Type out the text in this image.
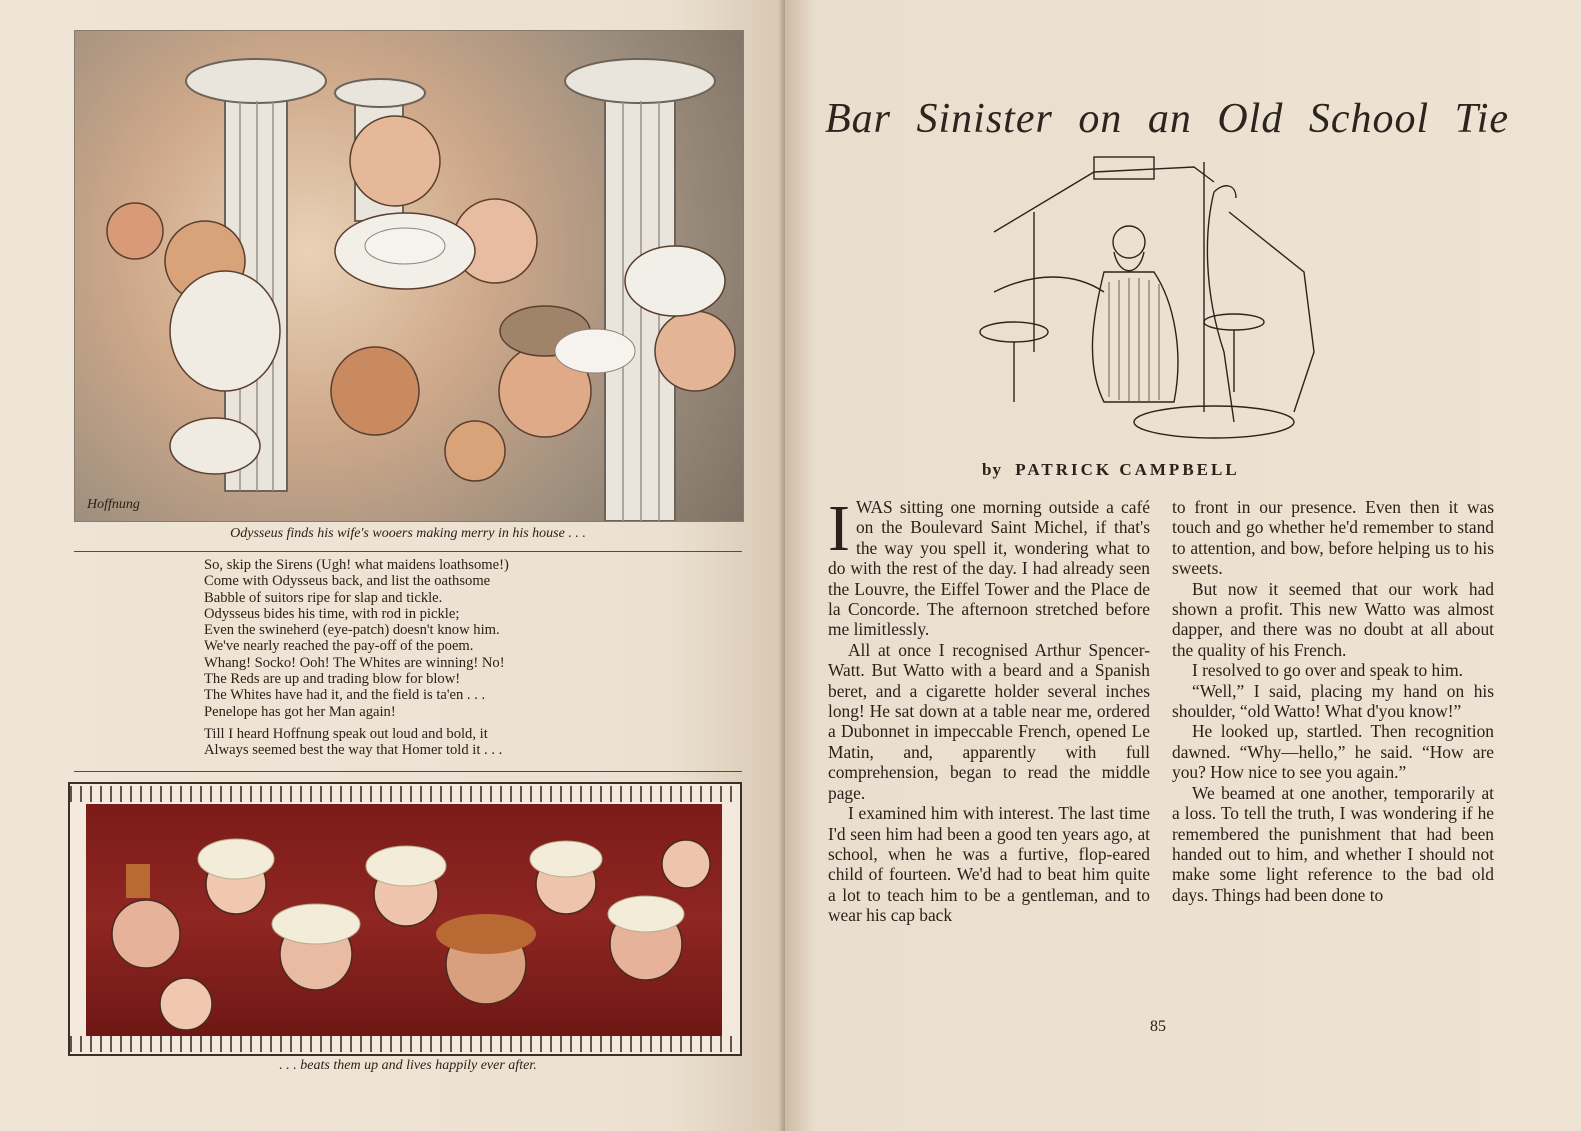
Hoffnung
Odysseus finds his wife's wooers making merry in his house . . .
So, skip the Sirens (Ugh! what maidens loathsome!)
Come with Odysseus back, and list the oathsome
Babble of suitors ripe for slap and tickle.
Odysseus bides his time, with rod in pickle;
Even the swineherd (eye-patch) doesn't know him.
We've nearly reached the pay-off of the poem.
Whang! Socko! Ooh! The Whites are winning! No!
The Reds are up and trading blow for blow!
The Whites have had it, and the field is ta'en . . .
Penelope has got her Man again!
Till I heard Hoffnung speak out loud and bold, it
Always seemed best the way that Homer told it . . .
. . . beats them up and lives happily ever after.
Bar Sinister on an Old School Tie
by PATRICK CAMPBELL

IWAS sitting one morning outside a café on the Boulevard Saint Michel, if that's the way you spell it, wondering what to do with the rest of the day. I had already seen the Louvre, the Eiffel Tower and the Place de la Concorde. The afternoon stretched before me limitlessly.

All at once I recognised Arthur Spencer-Watt. But Watto with a beard and a Spanish beret, and a cigarette holder several inches long! He sat down at a table near me, ordered a Dubonnet in impeccable French, opened Le Matin, and, apparently with full comprehension, began to read the middle page.

I examined him with interest. The last time I'd seen him had been a good ten years ago, at school, when he was a furtive, flop-eared child of fourteen. We'd had to beat him quite a lot to teach him to be a gentleman, and to wear his cap back

to front in our presence. Even then it was touch and go whether he'd remember to stand to attention, and bow, before helping us to his sweets.

But now it seemed that our work had shown a profit. This new Watto was almost dapper, and there was no doubt at all about the quality of his French.

I resolved to go over and speak to him.

“Well,” I said, placing my hand on his shoulder, “old Watto! What d'you know!”

He looked up, startled. Then recognition dawned. “Why—hello,” he said. “How are you? How nice to see you again.”

We beamed at one another, temporarily at a loss. To tell the truth, I was wondering if he remembered the punishment that had been handed out to him, and whether I should not make some light reference to the bad old days. Things had been done to

85
